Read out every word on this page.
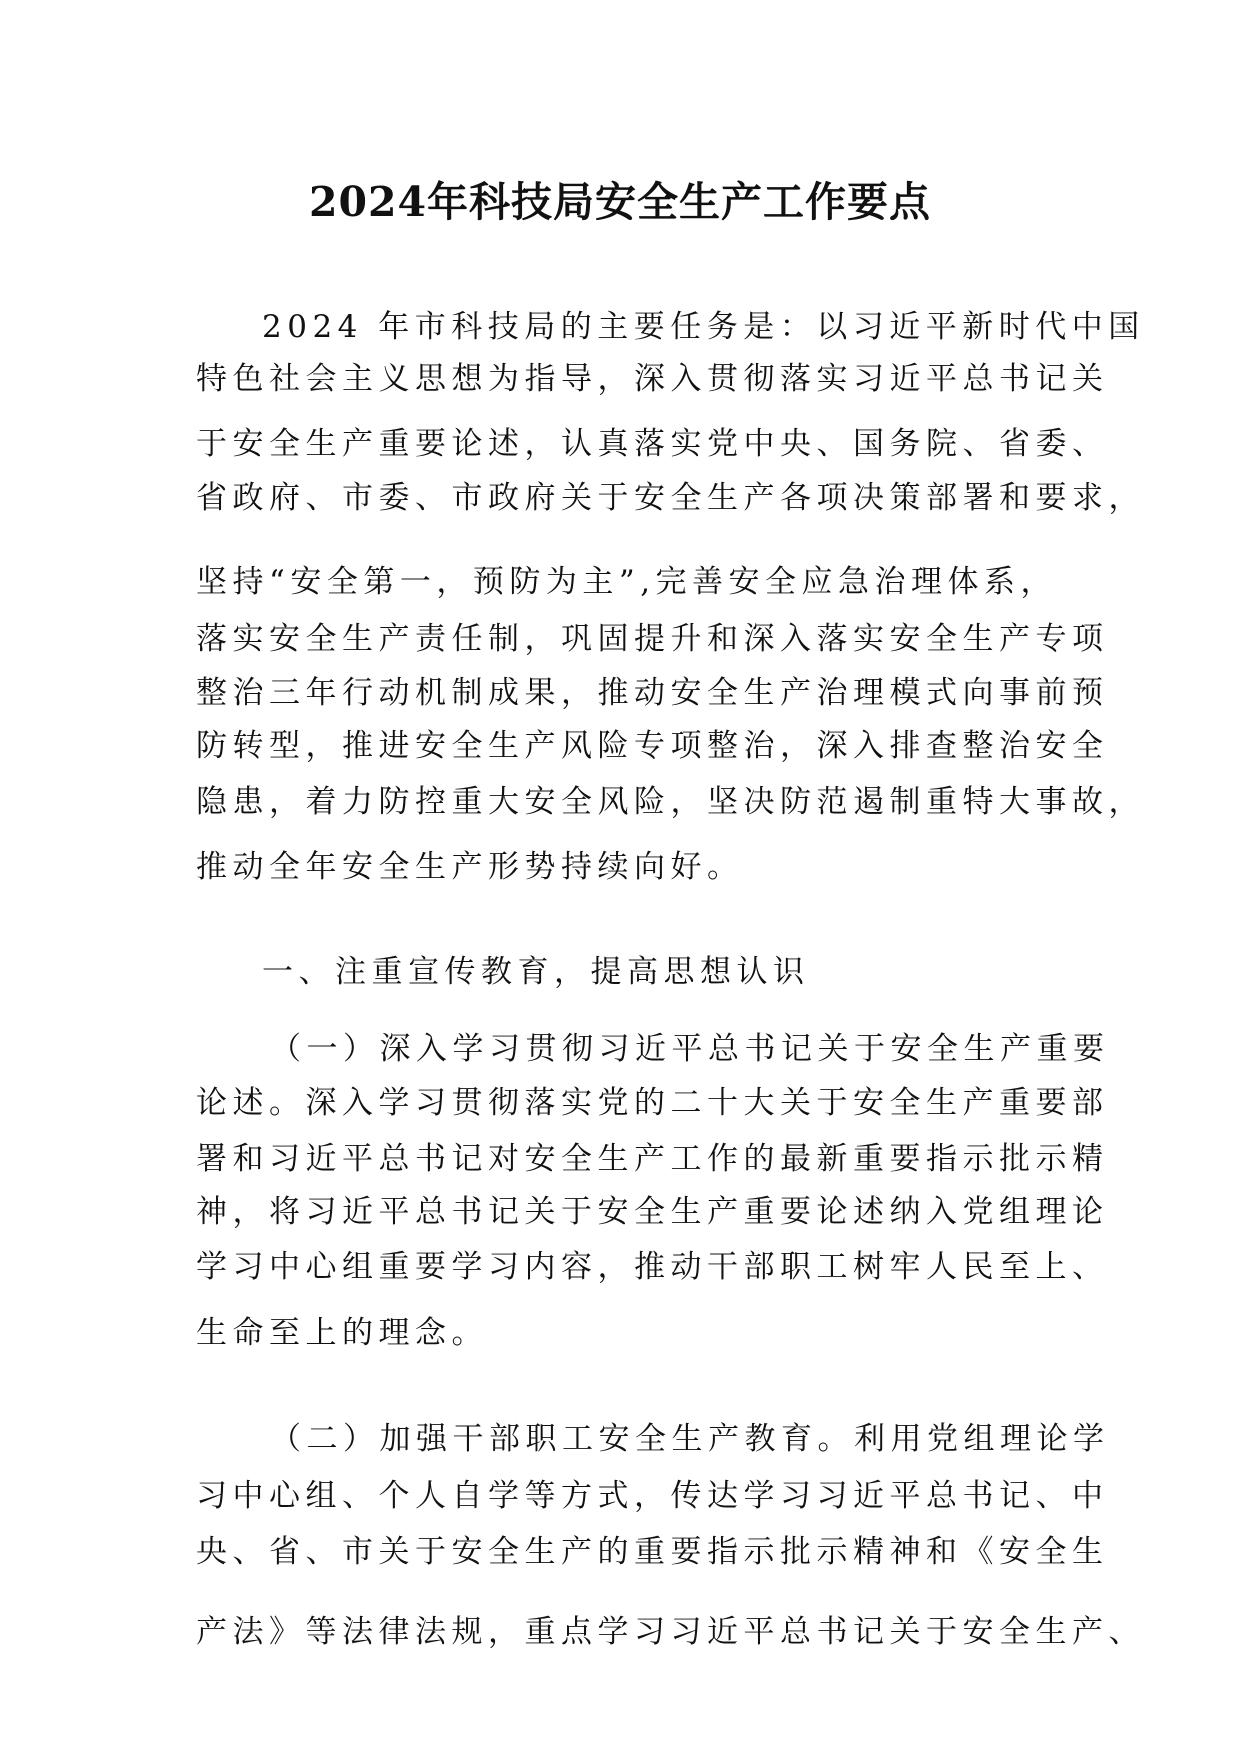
2024年科技局安全生产工作要点

2024 年市科技局的主要任务是：以习近平新时代中国

特色社会主义思想为指导，深入贯彻落实习近平总书记关

于安全生产重要论述，认真落实党中央、国务院、省委、

省政府、市委、市政府关于安全生产各项决策部署和要求，

坚持“安全第一，预防为主”,完善安全应急治理体系，

落实安全生产责任制，巩固提升和深入落实安全生产专项

整治三年行动机制成果，推动安全生产治理模式向事前预

防转型，推进安全生产风险专项整治，深入排查整治安全

隐患，着力防控重大安全风险，坚决防范遏制重特大事故，

推动全年安全生产形势持续向好。

一、注重宣传教育，提高思想认识

（一）深入学习贯彻习近平总书记关于安全生产重要

论述。深入学习贯彻落实党的二十大关于安全生产重要部

署和习近平总书记对安全生产工作的最新重要指示批示精

神，将习近平总书记关于安全生产重要论述纳入党组理论

学习中心组重要学习内容，推动干部职工树牢人民至上、

生命至上的理念。

（二）加强干部职工安全生产教育。利用党组理论学

习中心组、个人自学等方式，传达学习习近平总书记、中

央、省、市关于安全生产的重要指示批示精神和《安全生

产法》等法律法规，重点学习习近平总书记关于安全生产、
